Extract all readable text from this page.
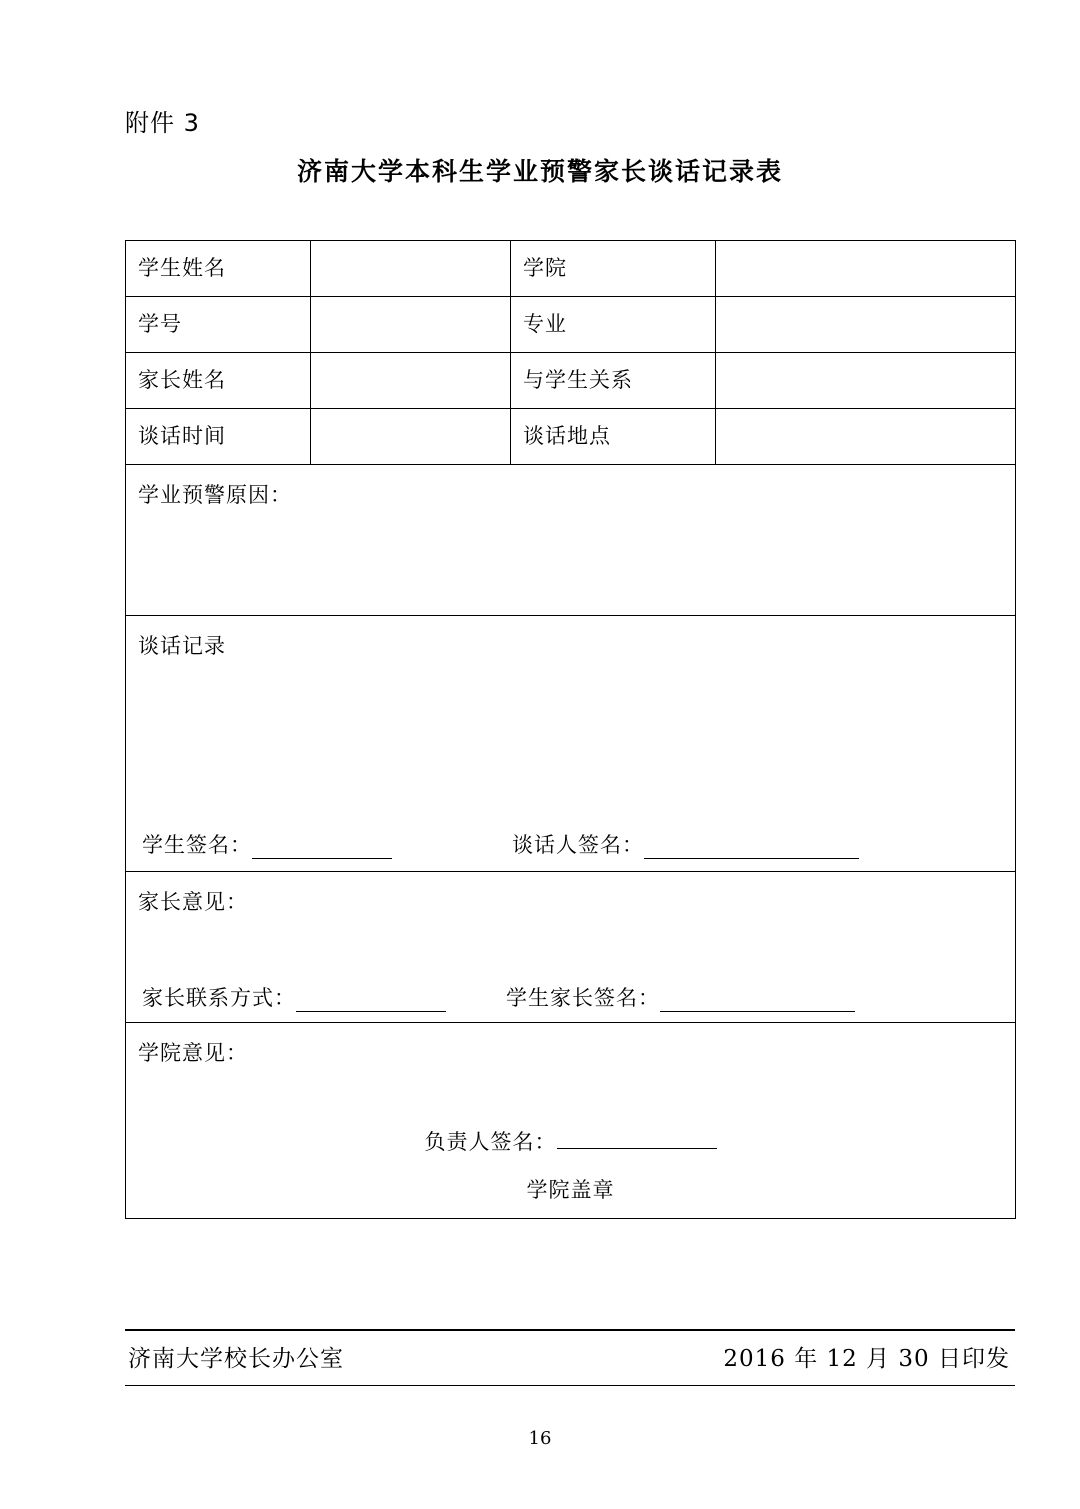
附件 3
济南大学本科生学业预警家长谈话记录表
学生姓名		学院	
学号		专业	
家长姓名		与学生关系	
谈话时间		谈话地点	

学业预警原因：			

谈话记录
学生签名： 谈话人签名：			

家长意见：
家长联系方式： 学生家长签名：			

学院意见：
负责人签名：
学院盖章			
济南大学校长办公室	2016 年 12 月 30 日印发
16
